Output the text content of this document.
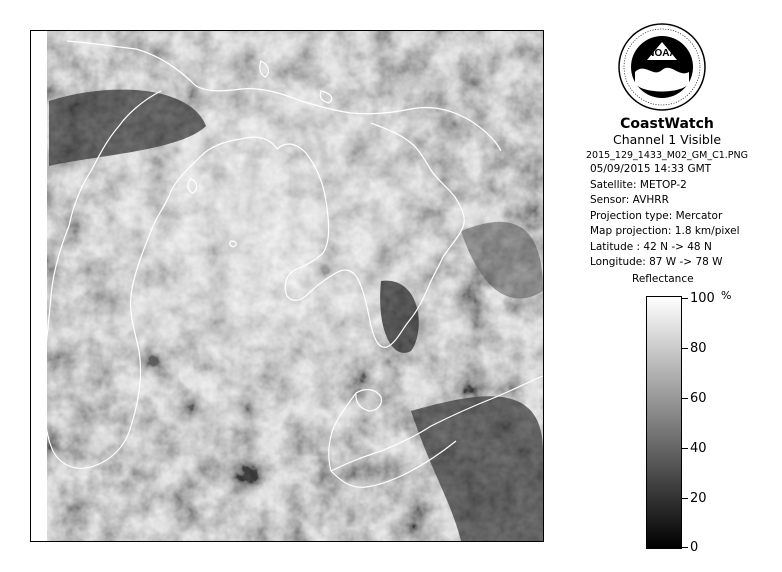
NOAA
CoastWatch
Channel 1 Visible
2015_129_1433_M02_GM_C1.PNG
05/09/2015 14:33 GMT
Satellite: METOP-2
Sensor: AVHRR
Projection type: Mercator
Map projection: 1.8 km/pixel
Latitude : 42 N -> 48 N
Longitude: 87 W -> 78 W
Reflectance
%
100
80
60
40
20
0
